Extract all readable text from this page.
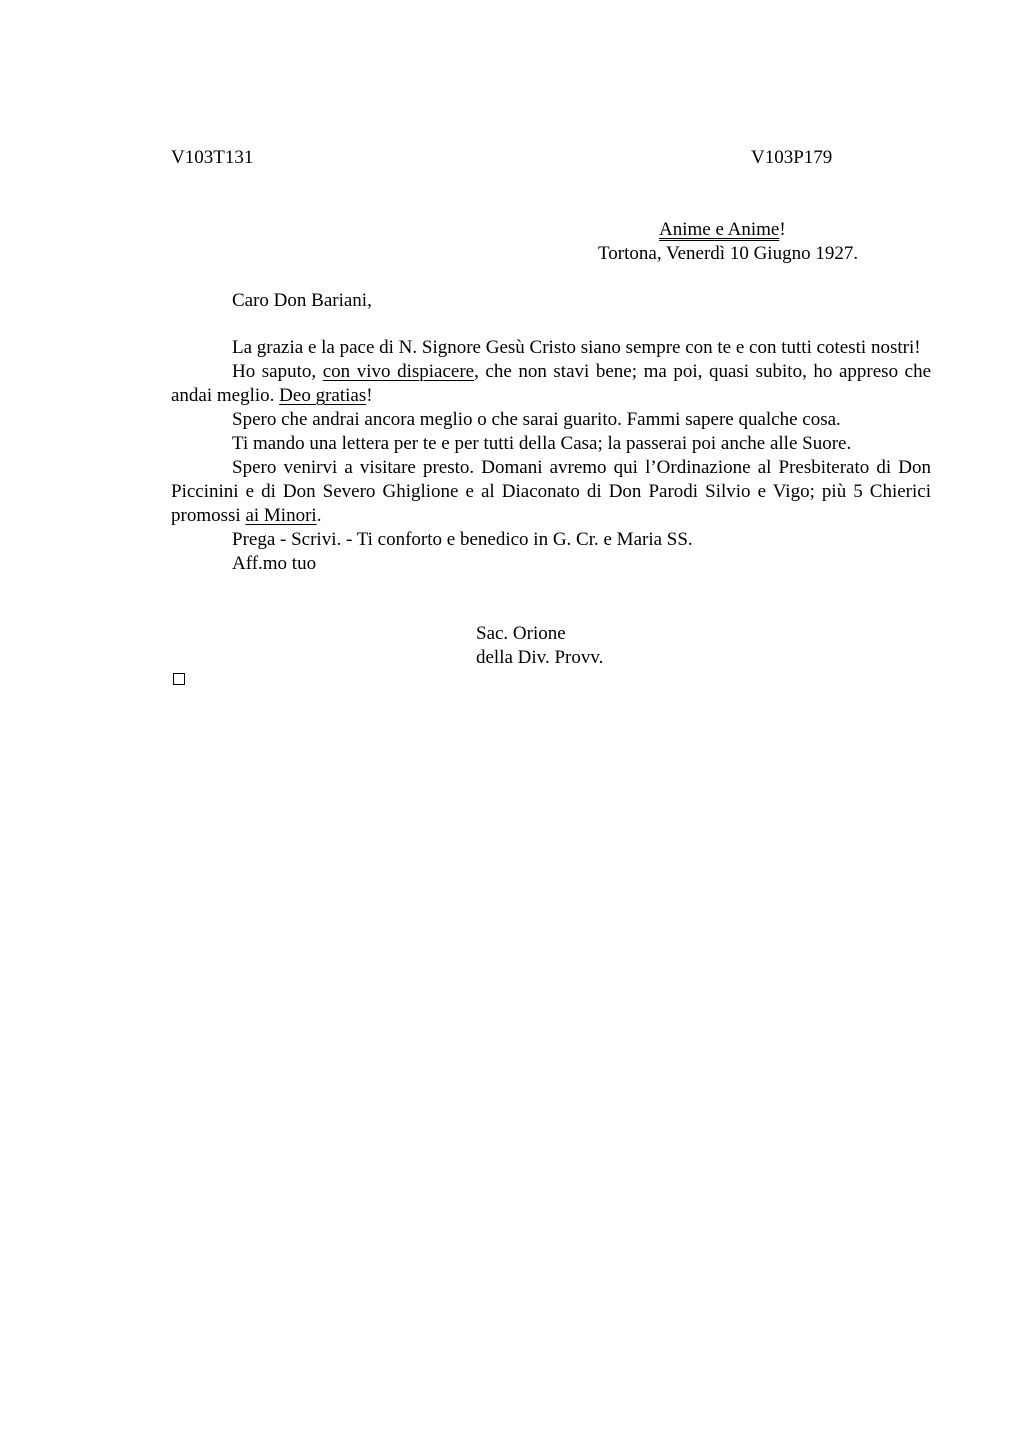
V103T131	V103P179
Anime e Anime!
Tortona, Venerdì 10 Giugno 1927.
Caro Don Bariani,

La grazia e la pace di N. Signore Gesù Cristo siano sempre con te e con tutti cotesti nostri!

Ho saputo, con vivo dispiacere, che non stavi bene; ma poi, quasi subito, ho appreso che andai meglio. Deo gratias!

Spero che andrai ancora meglio o che sarai guarito. Fammi sapere qualche cosa.

Ti mando una lettera per te e per tutti della Casa; la passerai poi anche alle Suore.

Spero venirvi a visitare presto. Domani avremo qui l’Ordinazione al Presbiterato di Don Piccinini e di Don Severo Ghiglione e al Diaconato di Don Parodi Silvio e Vigo; più 5 Chierici promossi ai Minori.

Prega - Scrivi. - Ti conforto e benedico in G. Cr. e Maria SS.

Aff.mo tuo

Sac. Orione
della Div. Provv.
